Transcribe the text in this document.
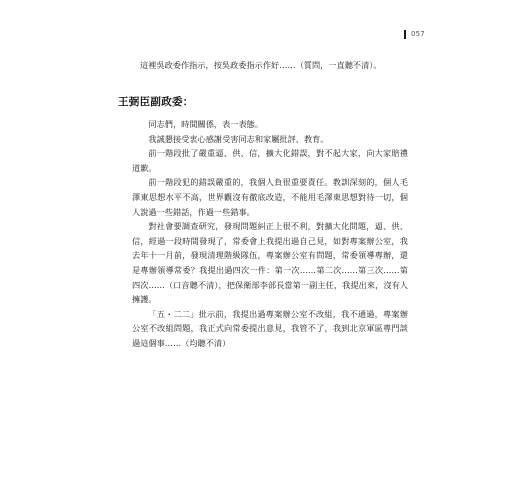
057
這裡吳政委作指示，按吳政委指示作好……（質問，一直聽不清）。
王弼臣副政委：

同志們，時間關係，表一表態。

我誠懇接受衷心感謝受害同志和家屬批評、教育。

前一階段批了嚴重逼、供、信，擴大化錯誤，對不起大家，向大家賠禮道歉。

前一階段犯的錯誤嚴重的，我個人負很重要責任。教訓深刻的，個人毛澤東思想水平不高，世界觀沒有徹底改造，不能用毛澤東思想對待一切，個人說過一些錯話，作過一些錯事。

對社會要調查研究，發現問題糾正上很不利，對擴大化問題，逼、供、信，經過一段時間發現了，常委會上我提出過自己見，如對專案辦公室，我去年十一月前，發現清理階級隊伍，專案辦公室有問題，常委領導專辦，還是專辦領導常委？我提出過四次一件：第一次……第二次……第三次……第四次……（口音聽不清），把保衛部李部長當第一副主任，我提出來，沒有人擁護。

「五・二二」批示前，我提出過專案辦公室不改組，我不通過，專案辦公室不改組問題，我正式向常委提出意見，我管不了，我到北京軍區專門談過這個事……（均聽不清）
